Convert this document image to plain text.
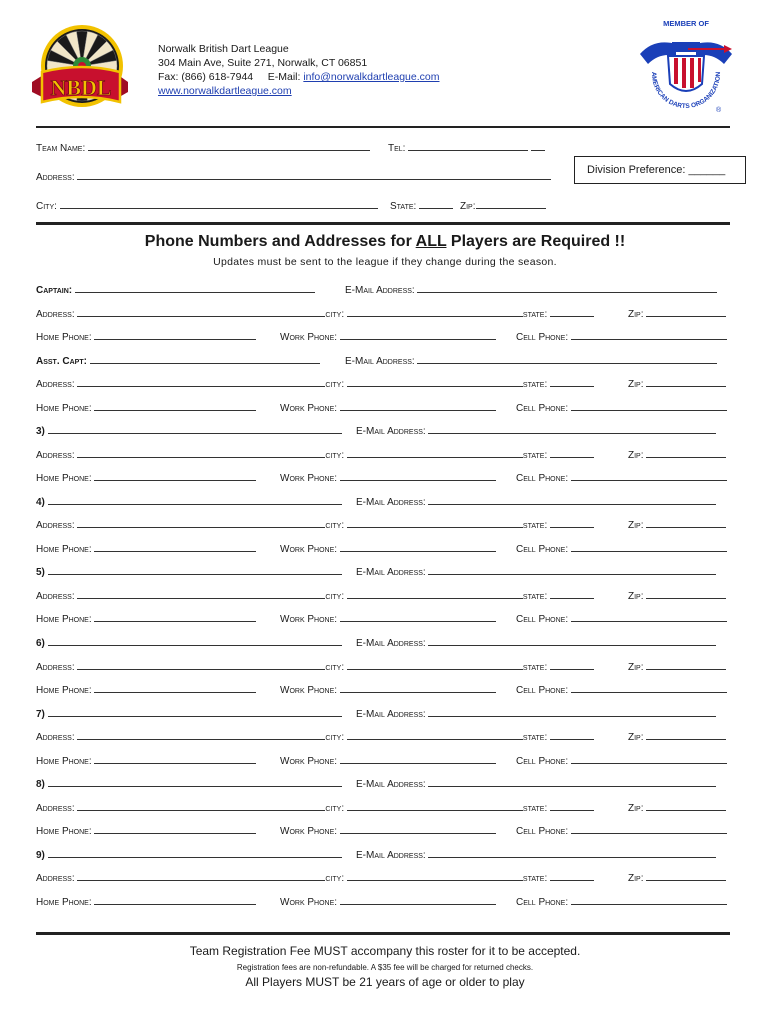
NBDL
Norwalk British Dart League
304 Main Ave, Suite 271, Norwalk, CT 06851
Fax: (866) 618-7944 E-Mail: info@norwalkdartleague.com
www.norwalkdartleague.com
MEMBER OF
AMERICAN DARTS ORGANIZATION
®
Team Name:	Tel:
Address:
Division Preference: ______
City:	State:	Zip:
Phone Numbers and Addresses for ALL Players are Required !!
Updates must be sent to the league if they change during the season.
Captain:	E-Mail Address:
Address:	city:	state:	Zip:
Home Phone:	Work Phone:	Cell Phone:
Asst. Capt:	E-Mail Address:
Address:	city:	state:	Zip:
Home Phone:	Work Phone:	Cell Phone:
3)	E-Mail Address:
Address:	city:	state:	Zip:
Home Phone:	Work Phone:	Cell Phone:
4)	E-Mail Address:
Address:	city:	state:	Zip:
Home Phone:	Work Phone:	Cell Phone:
5)	E-Mail Address:
Address:	city:	state:	Zip:
Home Phone:	Work Phone:	Cell Phone:
6)	E-Mail Address:
Address:	city:	state:	Zip:
Home Phone:	Work Phone:	Cell Phone:
7)	E-Mail Address:
Address:	city:	state:	Zip:
Home Phone:	Work Phone:	Cell Phone:
8)	E-Mail Address:
Address:	city:	state:	Zip:
Home Phone:	Work Phone:	Cell Phone:
9)	E-Mail Address:
Address:	city:	state:	Zip:
Home Phone:	Work Phone:	Cell Phone:
Team Registration Fee MUST accompany this roster for it to be accepted.
Registration fees are non-refundable. A $35 fee will be charged for returned checks.
All Players MUST be 21 years of age or older to play
